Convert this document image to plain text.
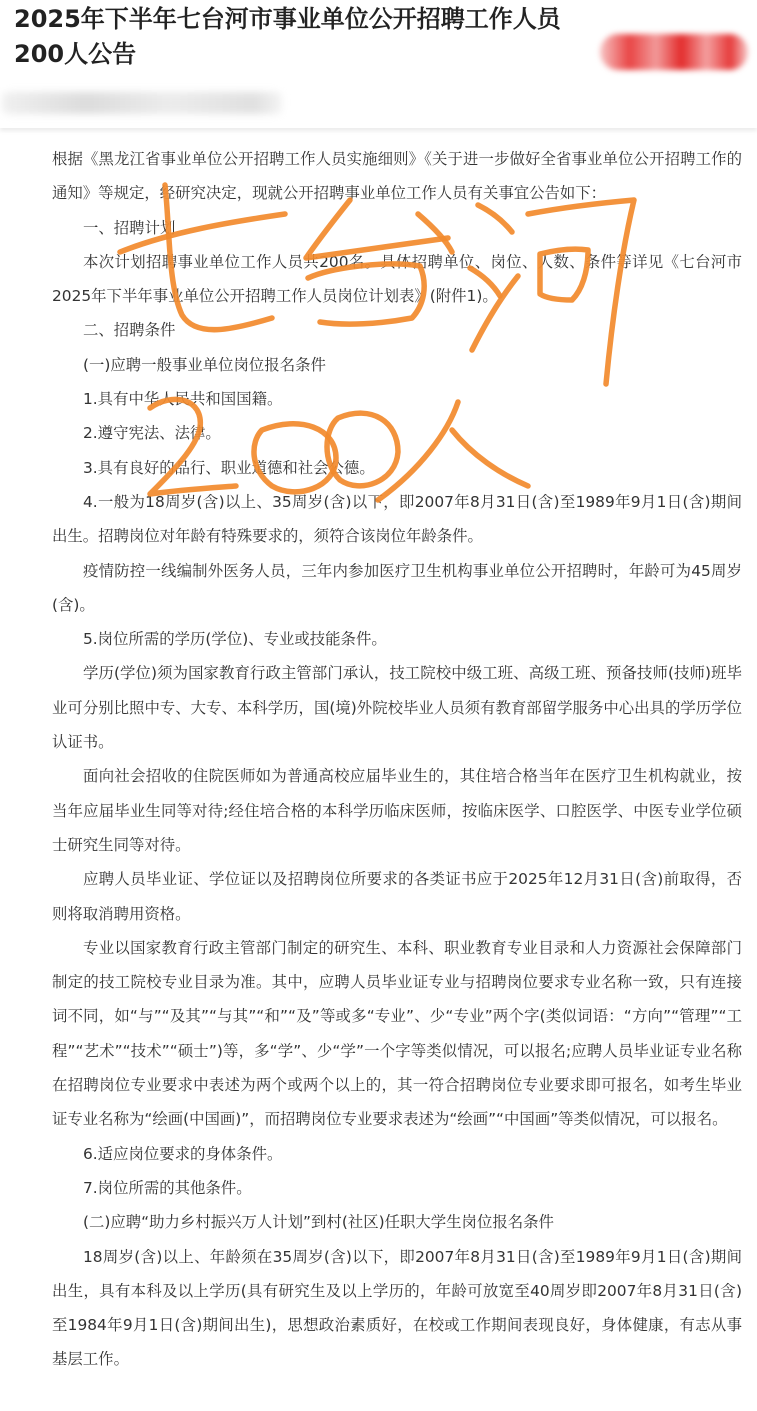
2025年下半年七台河市事业单位公开招聘工作人员200人公告

根据《黑龙江省事业单位公开招聘工作人员实施细则》《关于进一步做好全省事业单位公开招聘工作的通知》等规定，经研究决定，现就公开招聘事业单位工作人员有关事宜公告如下：

一、招聘计划

本次计划招聘事业单位工作人员共200名。具体招聘单位、岗位、人数、条件等详见《七台河市2025年下半年事业单位公开招聘工作人员岗位计划表》(附件1)。

二、招聘条件

(一)应聘一般事业单位岗位报名条件

1.具有中华人民共和国国籍。

2.遵守宪法、法律。

3.具有良好的品行、职业道德和社会公德。

4.一般为18周岁(含)以上、35周岁(含)以下，即2007年8月31日(含)至1989年9月1日(含)期间出生。招聘岗位对年龄有特殊要求的，须符合该岗位年龄条件。

疫情防控一线编制外医务人员，三年内参加医疗卫生机构事业单位公开招聘时，年龄可为45周岁(含)。

5.岗位所需的学历(学位)、专业或技能条件。

学历(学位)须为国家教育行政主管部门承认，技工院校中级工班、高级工班、预备技师(技师)班毕业可分别比照中专、大专、本科学历，国(境)外院校毕业人员须有教育部留学服务中心出具的学历学位认证书。

面向社会招收的住院医师如为普通高校应届毕业生的，其住培合格当年在医疗卫生机构就业，按当年应届毕业生同等对待;经住培合格的本科学历临床医师，按临床医学、口腔医学、中医专业学位硕士研究生同等对待。

应聘人员毕业证、学位证以及招聘岗位所要求的各类证书应于2025年12月31日(含)前取得，否则将取消聘用资格。

专业以国家教育行政主管部门制定的研究生、本科、职业教育专业目录和人力资源社会保障部门制定的技工院校专业目录为准。其中，应聘人员毕业证专业与招聘岗位要求专业名称一致，只有连接词不同，如“与”“及其”“与其”“和”“及”等或多“专业”、少“专业”两个字(类似词语：“方向”“管理”“工程”“艺术”“技术”“硕士”)等，多“学”、少“学”一个字等类似情况，可以报名;应聘人员毕业证专业名称在招聘岗位专业要求中表述为两个或两个以上的，其一符合招聘岗位专业要求即可报名，如考生毕业证专业名称为“绘画(中国画)”，而招聘岗位专业要求表述为“绘画”“中国画”等类似情况，可以报名。

6.适应岗位要求的身体条件。

7.岗位所需的其他条件。

(二)应聘“助力乡村振兴万人计划”到村(社区)任职大学生岗位报名条件

18周岁(含)以上、年龄须在35周岁(含)以下，即2007年8月31日(含)至1989年9月1日(含)期间出生，具有本科及以上学历(具有研究生及以上学历的，年龄可放宽至40周岁即2007年8月31日(含)至1984年9月1日(含)期间出生)，思想政治素质好，在校或工作期间表现良好，身体健康，有志从事基层工作。
